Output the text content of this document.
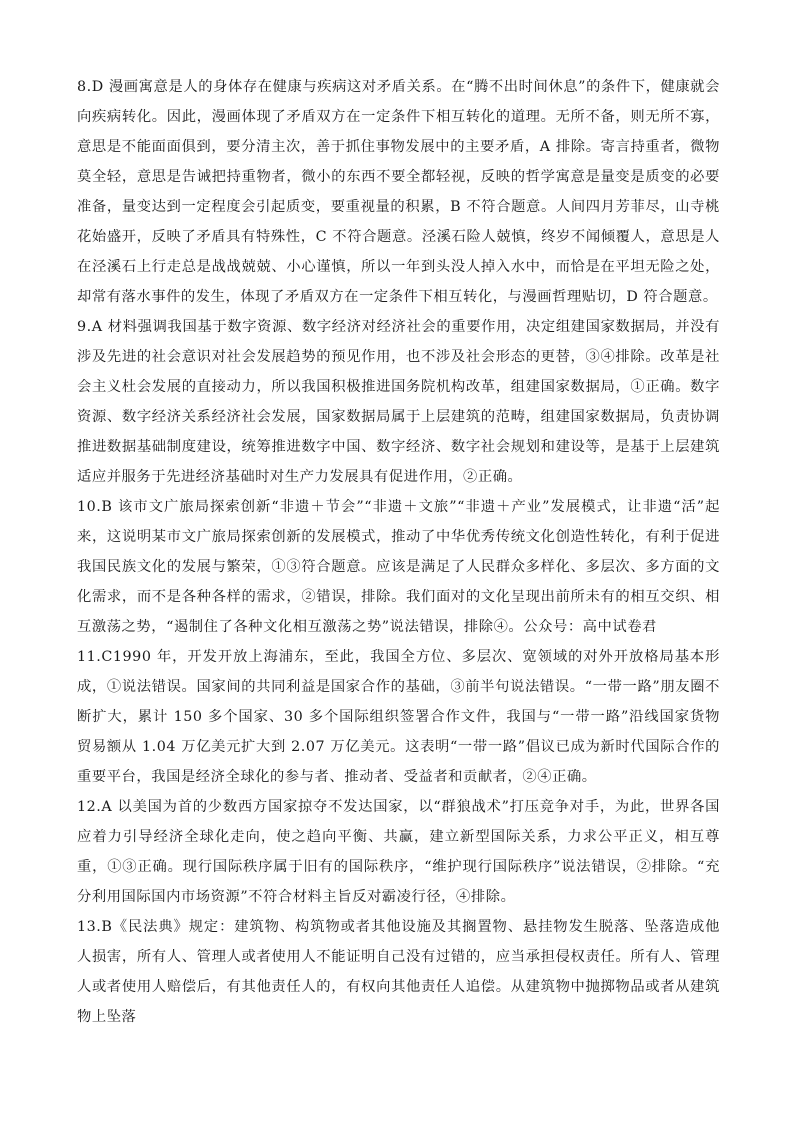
8.D 漫画寓意是人的身体存在健康与疾病这对矛盾关系。在“腾不出时间休息”的条件下，健康就会向疾病转化。因此，漫画体现了矛盾双方在一定条件下相互转化的道理。无所不备，则无所不寡，意思是不能面面俱到，要分清主次，善于抓住事物发展中的主要矛盾，A 排除。寄言持重者，微物莫全轻，意思是告诫把持重物者，微小的东西不要全都轻视，反映的哲学寓意是量变是质变的必要准备，量变达到一定程度会引起质变，要重视量的积累，B 不符合题意。人间四月芳菲尽，山寺桃花始盛开，反映了矛盾具有特殊性，C 不符合题意。泾溪石险人兢慎，终岁不闻倾覆人，意思是人在泾溪石上行走总是战战兢兢、小心谨慎，所以一年到头没人掉入水中，而恰是在平坦无险之处，却常有落水事件的发生，体现了矛盾双方在一定条件下相互转化，与漫画哲理贴切，D 符合题意。

9.A 材料强调我国基于数字资源、数字经济对经济社会的重要作用，决定组建国家数据局，并没有涉及先进的社会意识对社会发展趋势的预见作用，也不涉及社会形态的更替，③④排除。改革是社会主义杜会发展的直接动力，所以我国积极推进国务院机构改革，组建国家数据局，①正确。数字资源、数字经济关系经济社会发展，国家数据局属于上层建筑的范畴，组建国家数据局，负责协调推进数据基础制度建设，统筹推进数字中国、数字经济、数字社会规划和建设等，是基于上层建筑适应并服务于先进经济基础时对生产力发展具有促进作用，②正确。

10.B 该市文广旅局探索创新“非遗＋节会”“非遗＋文旅”“非遗＋产业”发展模式，让非遗“活”起来，这说明某市文广旅局探索创新的发展模式，推动了中华优秀传统文化创造性转化，有利于促进我国民族文化的发展与繁荣，①③符合题意。应该是满足了人民群众多样化、多层次、多方面的文化需求，而不是各种各样的需求，②错误，排除。我们面对的文化呈现出前所未有的相互交织、相互激荡之势，“遏制住了各种文化相互激荡之势”说法错误，排除④。公众号：高中试卷君

11.C1990 年，开发开放上海浦东，至此，我国全方位、多层次、宽领域的对外开放格局基本形成，①说法错误。国家间的共同利益是国家合作的基础，③前半句说法错误。“一带一路”朋友圈不断扩大，累计 150 多个国家、30 多个国际组织签署合作文件，我国与“一带一路”沿线国家货物贸易额从 1.04 万亿美元扩大到 2.07 万亿美元。这表明“一带一路”倡议已成为新时代国际合作的重要平台，我国是经济全球化的参与者、推动者、受益者和贡献者，②④正确。

12.A 以美国为首的少数西方国家掠夺不发达国家，以“群狼战术”打压竞争对手，为此，世界各国应着力引导经济全球化走向，使之趋向平衡、共赢，建立新型国际关系，力求公平正义，相互尊重，①③正确。现行国际秩序属于旧有的国际秩序，“维护现行国际秩序”说法错误，②排除。“充分利用国际国内市场资源”不符合材料主旨反对霸凌行径，④排除。

13.B《民法典》规定：建筑物、构筑物或者其他设施及其搁置物、悬挂物发生脱落、坠落造成他人损害，所有人、管理人或者使用人不能证明自己没有过错的，应当承担侵权责任。所有人、管理人或者使用人赔偿后，有其他责任人的，有权向其他责任人追偿。从建筑物中抛掷物品或者从建筑物上坠落
